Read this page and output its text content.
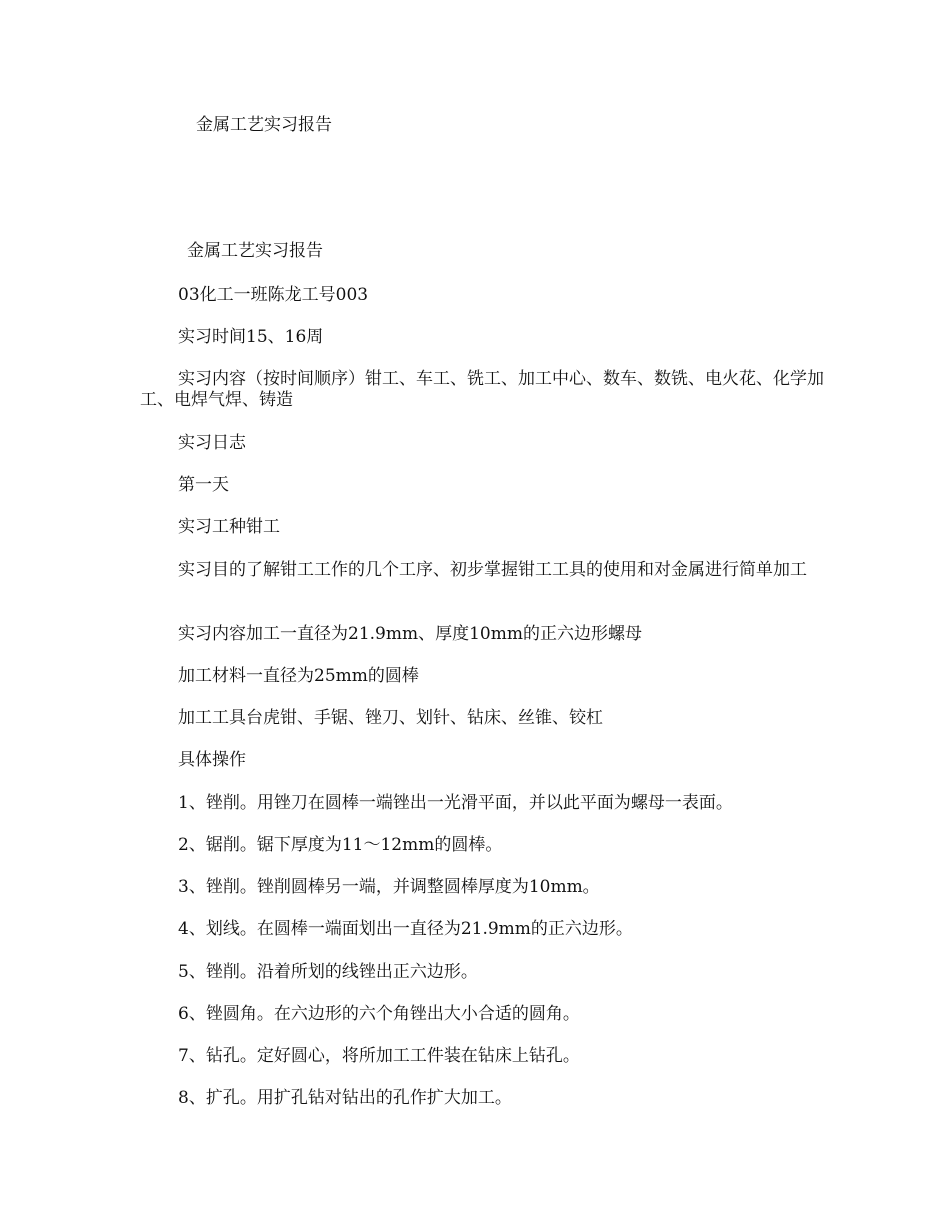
金属工艺实习报告
金属工艺实习报告
03化工一班陈龙工号003
实习时间15、16周
实习内容（按时间顺序）钳工、车工、铣工、加工中心、数车、数铣、电火花、化学加工、电焊气焊、铸造
实习日志
第一天
实习工种钳工
实习目的了解钳工工作的几个工序、初步掌握钳工工具的使用和对金属进行简单加工
实习内容加工一直径为21.9mm、厚度10mm的正六边形螺母
加工材料一直径为25mm的圆棒
加工工具台虎钳、手锯、锉刀、划针、钻床、丝锥、铰杠
具体操作
1、锉削。用锉刀在圆棒一端锉出一光滑平面，并以此平面为螺母一表面。
2、锯削。锯下厚度为11～12mm的圆棒。
3、锉削。锉削圆棒另一端，并调整圆棒厚度为10mm。
4、划线。在圆棒一端面划出一直径为21.9mm的正六边形。
5、锉削。沿着所划的线锉出正六边形。
6、锉圆角。在六边形的六个角锉出大小合适的圆角。
7、钻孔。定好圆心，将所加工工件装在钻床上钻孔。
8、扩孔。用扩孔钻对钻出的孔作扩大加工。
